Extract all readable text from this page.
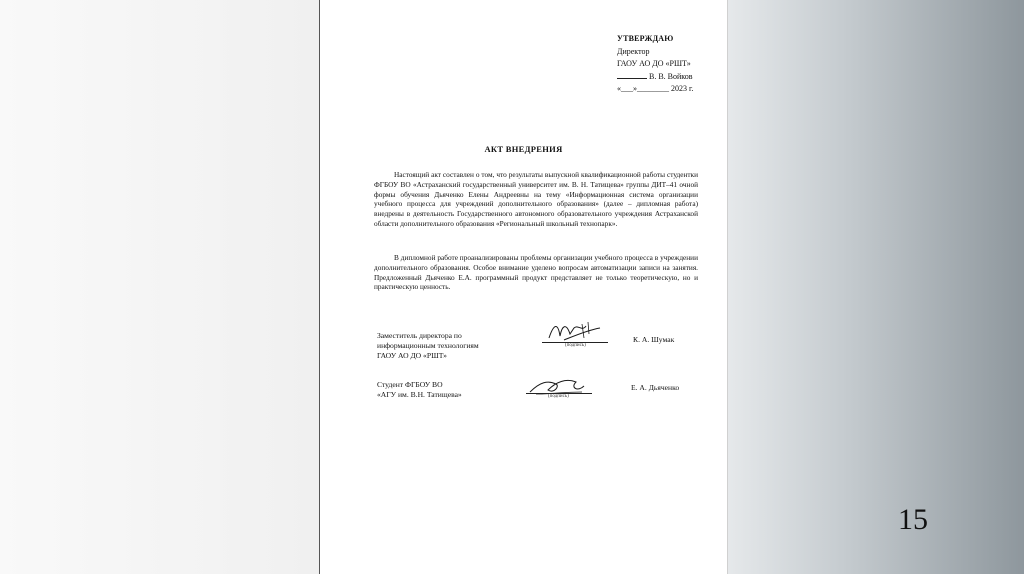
УТВЕРЖДАЮ
Директор
ГАОУ АО ДО «РШТ»
В. В. Войков
«___»________ 2023 г.
АКТ ВНЕДРЕНИЯ
Настоящий акт составлен о том, что результаты выпускной квалификационной работы студентки ФГБОУ ВО «Астраханский государственный университет им. В. Н. Татищева» группы ДИТ–41 очной формы обучения Дьяченко Елены Андреевны на тему «Информационная система организации учебного процесса для учреждений дополнительного образования» (далее – дипломная работа) внедрены в деятельность Государственного автономного образовательного учреждения Астраханской области дополнительного образования «Региональный школьный технопарк».
В дипломной работе проанализированы проблемы организации учебного процесса в учреждении дополнительного образования. Особое внимание уделено вопросам автоматизации записи на занятия. Предложенный Дьяченко Е.А. программный продукт представляет не только теоретическую, но и практическую ценность.
Заместитель директора по
информационным технологиям
ГАОУ АО ДО «РШТ»
(подпись)
К. А. Шумак
Студент ФГБОУ ВО
«АГУ им. В.Н. Татищева»	(подпись)
Е. А. Дьяченко
15
